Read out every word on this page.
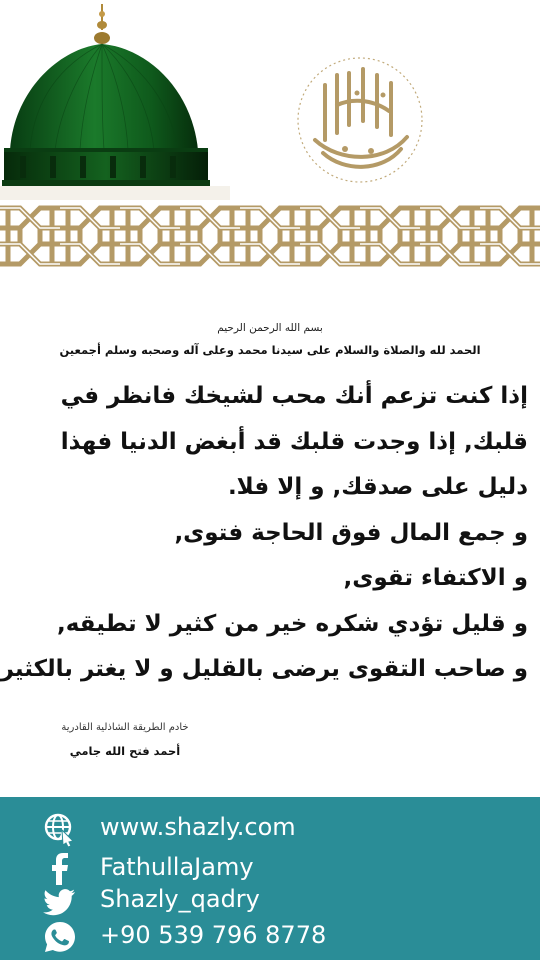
بسم الله الرحمن الرحيم
الحمد لله والصلاة والسلام على سيدنا محمد وعلى آله وصحبه وسلم أجمعين
إذا كنت تزعم أنك محب لشيخك فانظر في
قلبك, إذا وجدت قلبك قد أبغض الدنيا فهذا
دليل على صدقك, و إلا فلا.
و جمع المال فوق الحاجة فتوى,
و الاكتفاء تقوى,
و قليل تؤدي شكره خير من كثير لا تطيقه,
و صاحب التقوى يرضى بالقليل و لا يغتر بالكثير
خادم الطريقة الشاذلية القادرية
أحمد فتح الله جامي
www.shazly.com
FathullaJamy
Shazly_qadry
+90 539 796 8778
